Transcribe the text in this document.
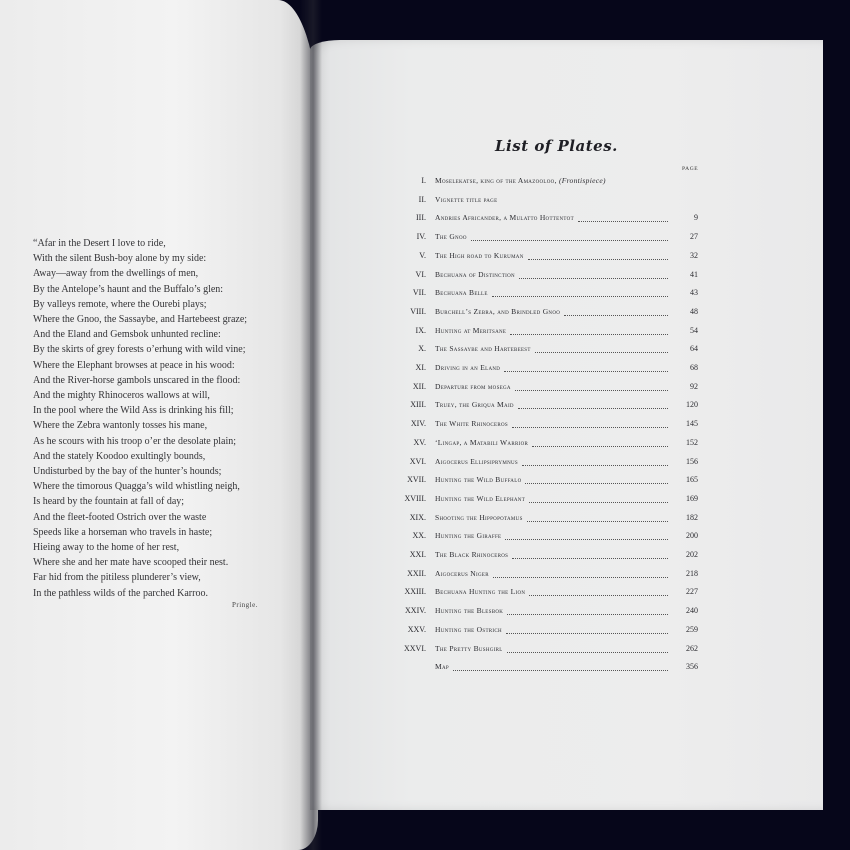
“Afar in the Desert I love to ride,
With the silent Bush-boy alone by my side:
Away—away from the dwellings of men,
By the Antelope’s haunt and the Buffalo’s glen:
By valleys remote, where the Ourebi plays;
Where the Gnoo, the Sassaybe, and Hartebeest graze;
And the Eland and Gemsbok unhunted recline:
By the skirts of grey forests o’erhung with wild vine;
Where the Elephant browses at peace in his wood:
And the River-horse gambols unscared in the flood:
And the mighty Rhinoceros wallows at will,
In the pool where the Wild Ass is drinking his fill;
Where the Zebra wantonly tosses his mane,
As he scours with his troop o’er the desolate plain;
And the stately Koodoo exultingly bounds,
Undisturbed by the bay of the hunter’s hounds;
Where the timorous Quagga’s wild whistling neigh,
Is heard by the fountain at fall of day;
And the fleet-footed Ostrich over the waste
Speeds like a horseman who travels in haste;
Hieing away to the home of her rest,
Where she and her mate have scooped their nest.
Far hid from the pitiless plunderer’s view,
In the pathless wilds of the parched Karroo.
Pringle.
List of Plates.
PAGE
I. Moselekatse, king of the Amazooloo, (Frontispiece)
II. Vignette title page
III. Andries Africander, a Mulatto Hottentot	9
IV. The Gnoo	27
V. The High road to Kuruman	32
VI. Bechuana of Distinction	41
VII. Bechuana Belle	43
VIII. Burchell’s Zebra, and Brindled Gnoo	48
IX. Hunting at Meritsane	54
X. The Sassaybe and Hartebeest	64
XI. Driving in an Eland	68
XII. Departure from mosega	92
XIII. Truey, the Griqua Maid	120
XIV. The White Rhinoceros	145
XV. ‘Lingap, a Matabili Warrior	152
XVI. Aigocerus Ellipsiprymnus	156
XVII. Hunting the Wild Buffalo	165
XVIII. Hunting the Wild Elephant	169
XIX. Shooting the Hippopotamus	182
XX. Hunting the Giraffe	200
XXI. The Black Rhinoceros	202
XXII. Aigocerus Niger	218
XXIII. Bechuana Hunting the Lion	227
XXIV. Hunting the Blesbok	240
XXV. Hunting the Ostrich	259
XXVI. The Pretty Bushgirl	262
Map	356
